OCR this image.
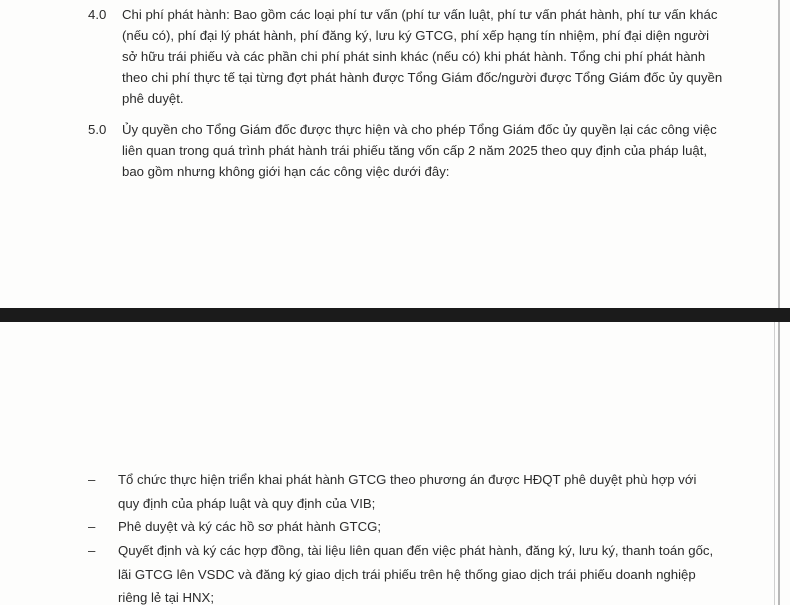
4.0	Chi phí phát hành: Bao gồm các loại phí tư vấn (phí tư vấn luật, phí tư vấn phát hành, phí tư vấn khác
(nếu có), phí đại lý phát hành, phí đăng ký, lưu ký GTCG, phí xếp hạng tín nhiệm, phí đại diện người
sở hữu trái phiếu và các phần chi phí phát sinh khác (nếu có) khi phát hành. Tổng chi phí phát hành
theo chi phí thực tế tại từng đợt phát hành được Tổng Giám đốc/người được Tổng Giám đốc ủy quyền
phê duyệt.
5.0	Ủy quyền cho Tổng Giám đốc được thực hiện và cho phép Tổng Giám đốc ủy quyền lại các công việc
liên quan trong quá trình phát hành trái phiếu tăng vốn cấp 2 năm 2025 theo quy định của pháp luật,
bao gồm nhưng không giới hạn các công việc dưới đây:
– Tổ chức thực hiện triển khai phát hành GTCG theo phương án được HĐQT phê duyệt phù hợp với
quy định của pháp luật và quy định của VIB;
– Phê duyệt và ký các hồ sơ phát hành GTCG;
– Quyết định và ký các hợp đồng, tài liệu liên quan đến việc phát hành, đăng ký, lưu ký, thanh toán gốc,
lãi GTCG lên VSDC và đăng ký giao dịch trái phiếu trên hệ thống giao dịch trái phiếu doanh nghiệp
riêng lẻ tại HNX;
